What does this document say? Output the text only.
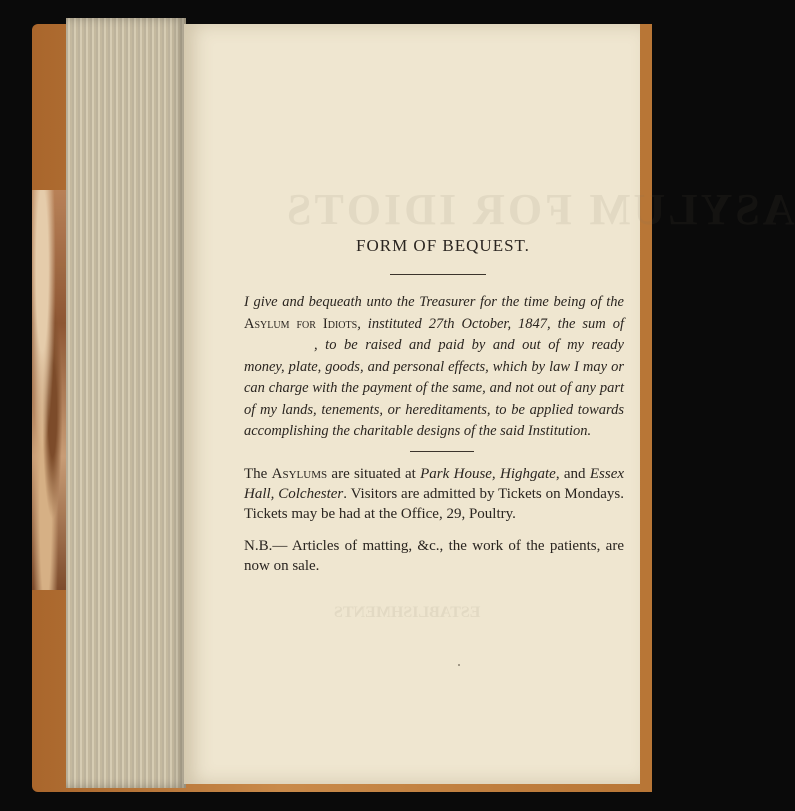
ASYLUM FOR IDIOTS
ESTABLISHMENTS
FORM OF BEQUEST.
I give and bequeath unto the Treasurer for the time being of the Asylum for Idiots, instituted 27th October, 1847, the sum of, to be raised and paid by and out of my ready money, plate, goods, and personal effects, which by law I may or can charge with the payment of the same, and not out of any part of my lands, tenements, or hereditaments, to be applied towards accomplishing the charitable designs of the said Institution.
The Asylums are situated at Park House, Highgate, and Essex Hall, Colchester. Visitors are admitted by Tickets on Mondays. Tickets may be had at the Office, 29, Poultry.
N.B.— Articles of matting, &c., the work of the patients, are now on sale.
